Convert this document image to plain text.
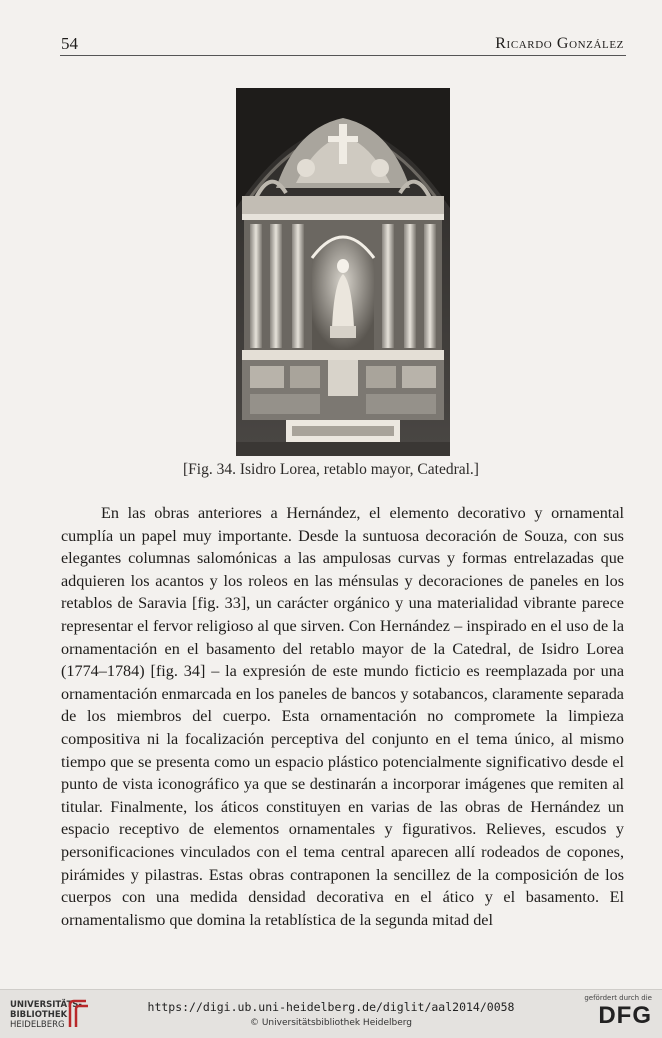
54	Ricardo González
[Fig. 34. Isidro Lorea, retablo mayor, Catedral.]

En las obras anteriores a Hernández, el elemento decorativo y ornamental cumplía un papel muy importante. Desde la suntuosa decoración de Souza, con sus elegantes columnas salomónicas a las ampulosas curvas y formas entrelazadas que adquieren los acantos y los roleos en las ménsulas y decoraciones de paneles en los retablos de Saravia [fig. 33], un carácter orgánico y una materialidad vibrante parece representar el fervor religioso al que sirven. Con Hernández – inspirado en el uso de la ornamentación en el basamento del retablo mayor de la Catedral, de Isidro Lorea (1774–1784) [fig. 34] – la expresión de este mundo ficticio es reemplazada por una ornamentación enmarcada en los paneles de bancos y sotabancos, claramente separada de los miembros del cuerpo. Esta ornamentación no compromete la limpieza compositiva ni la focalización perceptiva del conjunto en el tema único, al mismo tiempo que se presenta como un espacio plástico potencialmente significativo desde el punto de vista iconográfico ya que se destinarán a incorporar imágenes que remiten al titular. Finalmente, los áticos constituyen en varias de las obras de Hernández un espacio receptivo de elementos ornamentales y figurativos. Relieves, escudos y personificaciones vinculados con el tema central aparecen allí rodeados de copones, pirámides y pilastras. Estas obras contraponen la sencillez de la composición de los cuerpos con una medida densidad decorativa en el ático y el basamento. El ornamentalismo que domina la retablística de la segunda mitad del

UNIVERSITÄTS-
BIBLIOTHEK
HEIDELBERG
https://digi.ub.uni-heidelberg.de/diglit/aal2014/0058
© Universitätsbibliothek Heidelberg
gefördert durch die
DFG
